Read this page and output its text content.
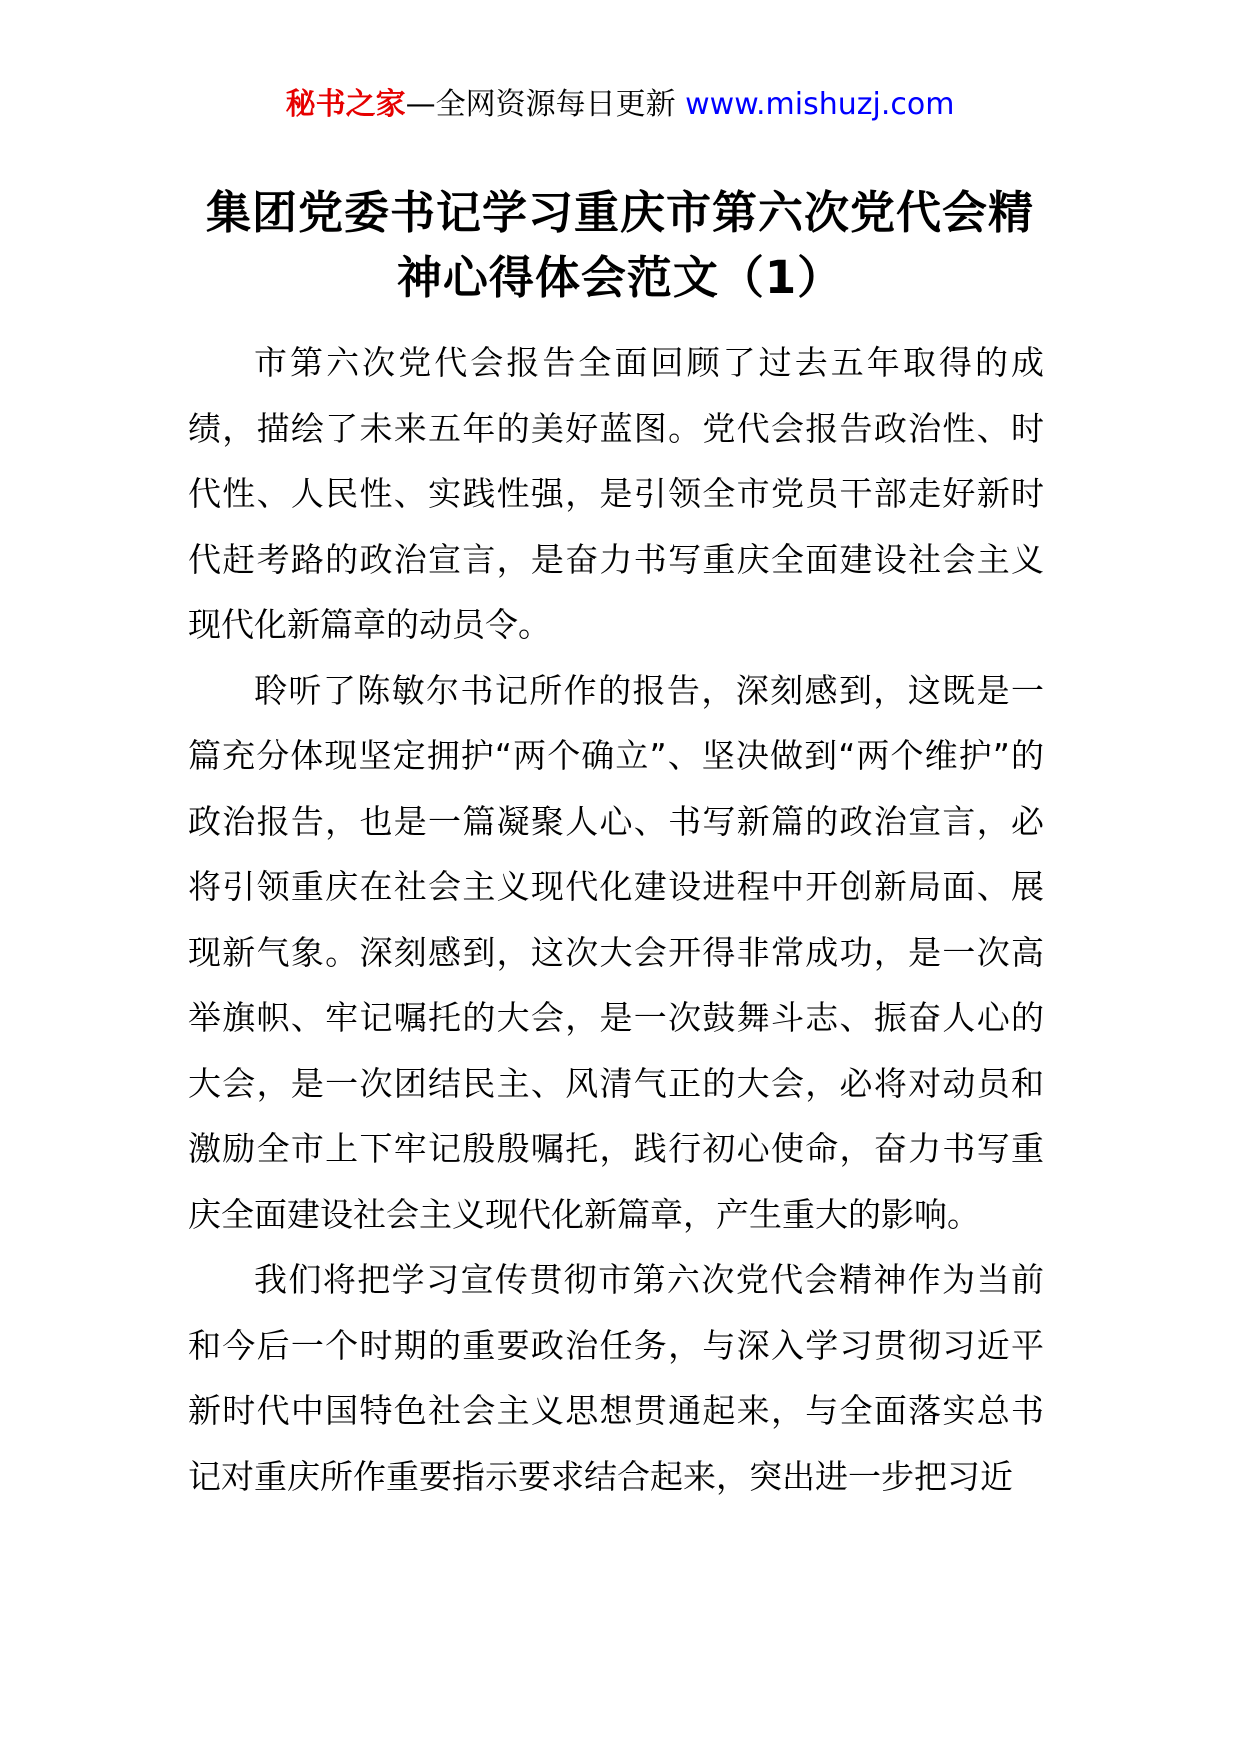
秘书之家—全网资源每日更新 www.mishuzj.com
集团党委书记学习重庆市第六次党代会精神心得体会范文（1）

市第六次党代会报告全面回顾了过去五年取得的成绩，描绘了未来五年的美好蓝图。党代会报告政治性、时代性、人民性、实践性强，是引领全市党员干部走好新时代赶考路的政治宣言，是奋力书写重庆全面建设社会主义现代化新篇章的动员令。

聆听了陈敏尔书记所作的报告，深刻感到，这既是一篇充分体现坚定拥护“两个确立”、坚决做到“两个维护”的政治报告，也是一篇凝聚人心、书写新篇的政治宣言，必将引领重庆在社会主义现代化建设进程中开创新局面、展现新气象。深刻感到，这次大会开得非常成功，是一次高举旗帜、牢记嘱托的大会，是一次鼓舞斗志、振奋人心的大会，是一次团结民主、风清气正的大会，必将对动员和激励全市上下牢记殷殷嘱托，践行初心使命，奋力书写重庆全面建设社会主义现代化新篇章，产生重大的影响。

我们将把学习宣传贯彻市第六次党代会精神作为当前和今后一个时期的重要政治任务，与深入学习贯彻习近平新时代中国特色社会主义思想贯通起来，与全面落实总书记对重庆所作重要指示要求结合起来，突出进一步把习近
